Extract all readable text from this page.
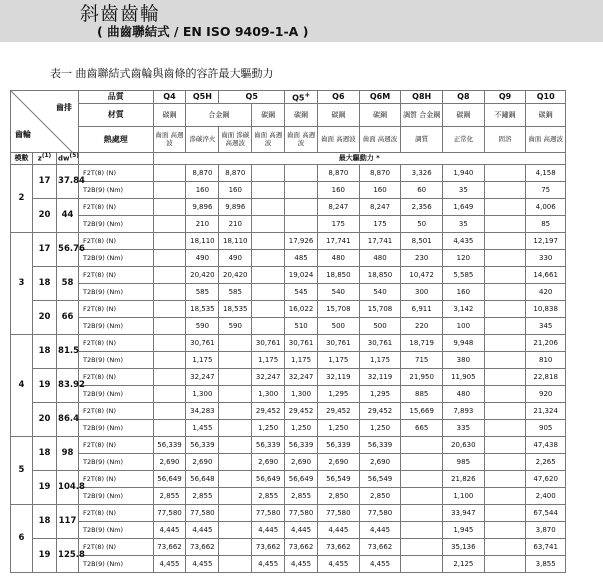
斜齒齒輪
( 曲齒聯結式 / EN ISO 9409-1-A )
表一 曲齒聯結式齒輪與齒條的容許最大驅動力
齒排
齒輪			品質	Q4	Q5H	Q5		Q5+	Q6	Q6M	Q8H	Q8	Q9	Q10
			材質	碳鋼	合金鋼		碳鋼	碳鋼	碳鋼	碳鋼	調質 合金鋼	碳鋼	不鏽鋼	碳鋼
			熱處理	齒面 高週波	滲碳淬火	齒面 滲碳高週波	齒面 高週波	齒面 高週波	齒面 高週波	齒面 高週波	調質	正常化	固溶	齒面 高週波
模數	$z^{(1)}$	$dw^{(5)}$		最大驅動力 *										
2	17	37.84	F2T(8) (N)		8,870	8,870			8,870	8,870	3,326	1,940		4,158
			T2B(9) (Nm)		160	160			160	160	60	35		75
	20	44	F2T(8) (N)		9,896	9,896			8,247	8,247	2,356	1,649		4,006
			T2B(9) (Nm)		210	210			175	175	50	35		85
3	17	56.76	F2T(8) (N)		18,110	18,110		17,926	17,741	17,741	8,501	4,435		12,197
			T2B(9) (Nm)		490	490		485	480	480	230	120		330
	18	58	F2T(8) (N)		20,420	20,420		19,024	18,850	18,850	10,472	5,585		14,661
			T2B(9) (Nm)		585	585		545	540	540	300	160		420
	20	66	F2T(8) (N)		18,535	18,535		16,022	15,708	15,708	6,911	3,142		10,838
			T2B(9) (Nm)		590	590		510	500	500	220	100		345
4	18	81.5	F2T(8) (N)		30,761		30,761	30,761	30,761	30,761	18,719	9,948		21,206
			T2B(9) (Nm)		1,175		1,175	1,175	1,175	1,175	715	380		810
	19	83.92	F2T(8) (N)		32,247		32,247	32,247	32,119	32,119	21,950	11,905		22,818
			T2B(9) (Nm)		1,300		1,300	1,300	1,295	1,295	885	480		920
	20	86.4	F2T(8) (N)		34,283		29,452	29,452	29,452	29,452	15,669	7,893		21,324
			T2B(9) (Nm)		1,455		1,250	1,250	1,250	1,250	665	335		905
5	18	98	F2T(8) (N)	56,339	56,339		56,339	56,339	56,339	56,339		20,630		47,438
			T2B(9) (Nm)	2,690	2,690		2,690	2,690	2,690	2,690		985		2,265
	19	104.8	F2T(8) (N)	56,649	56,648		56,649	56,649	56,549	56,549		21,826		47,620
			T2B(9) (Nm)	2,855	2,855		2,855	2,855	2,850	2,850		1,100		2,400
6	18	117	F2T(8) (N)	77,580	77,580		77,580	77,580	77,580	77,580		33,947		67,544
			T2B(9) (Nm)	4,445	4,445		4,445	4,445	4,445	4,445		1,945		3,870
	19	125.8	F2T(8) (N)	73,662	73,662		73,662	73,662	73,662	73,662		35,136		63,741
			T2B(9) (Nm)	4,455	4,455		4,455	4,455	4,455	4,455		2,125		3,855
